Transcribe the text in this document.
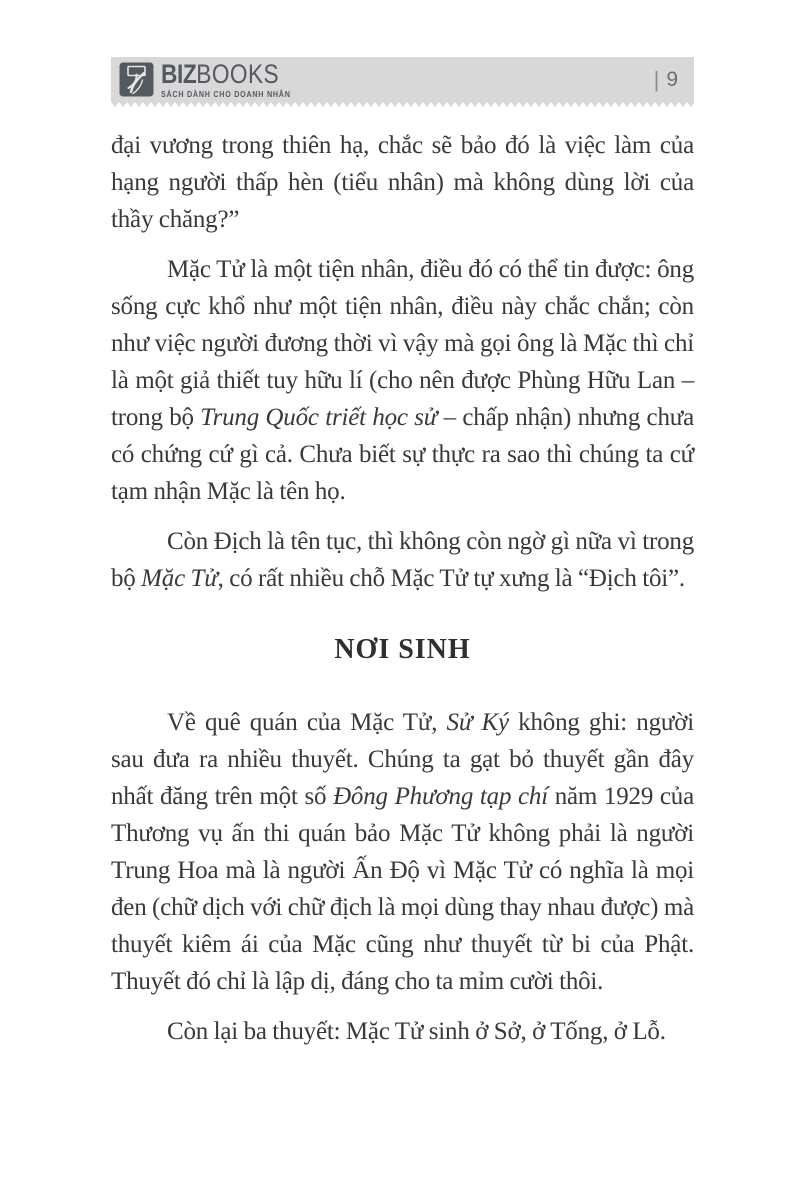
BIZBOOKS
SÁCH DÀNH CHO DOANH NHÂN
| 9

đại vương trong thiên hạ, chắc sẽ bảo đó là việc làm của hạng người thấp hèn (tiểu nhân) mà không dùng lời của thầy chăng?”

Mặc Tử là một tiện nhân, điều đó có thể tin được: ông sống cực khổ như một tiện nhân, điều này chắc chắn; còn như việc người đương thời vì vậy mà gọi ông là Mặc thì chỉ là một giả thiết tuy hữu lí (cho nên được Phùng Hữu Lan – trong bộ Trung Quốc triết học sử – chấp nhận) nhưng chưa có chứng cứ gì cả. Chưa biết sự thực ra sao thì chúng ta cứ tạm nhận Mặc là tên họ.

Còn Địch là tên tục, thì không còn ngờ gì nữa vì trong bộ Mặc Tử, có rất nhiều chỗ Mặc Tử tự xưng là “Địch tôi”.

NƠI SINH

Về quê quán của Mặc Tử, Sử Ký không ghi: người sau đưa ra nhiều thuyết. Chúng ta gạt bỏ thuyết gần đây nhất đăng trên một số Đông Phương tạp chí năm 1929 của Thương vụ ấn thi quán bảo Mặc Tử không phải là người Trung Hoa mà là người Ấn Độ vì Mặc Tử có nghĩa là mọi đen (chữ dịch với chữ địch là mọi dùng thay nhau được) mà thuyết kiêm ái của Mặc cũng như thuyết từ bi của Phật. Thuyết đó chỉ là lập dị, đáng cho ta mỉm cười thôi.

Còn lại ba thuyết: Mặc Tử sinh ở Sở, ở Tống, ở Lỗ.
